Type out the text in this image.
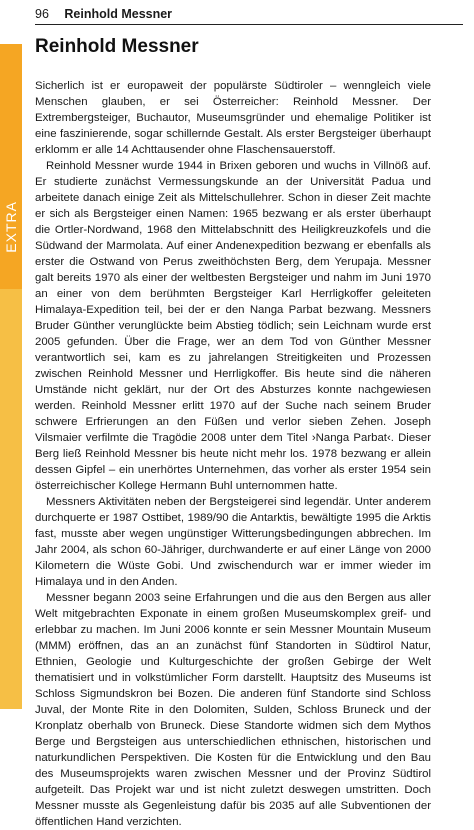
96 Reinhold Messner
EXTRA
Reinhold Messner

Sicherlich ist er europaweit der populärste Südtiroler – wenngleich viele Menschen glauben, er sei Österreicher: Reinhold Messner. Der Extrembergsteiger, Buchautor, Museumsgründer und ehemalige Politiker ist eine faszinierende, sogar schillernde Gestalt. Als erster Bergsteiger überhaupt erklomm er alle 14 Achttausender ohne Flaschensauerstoff.

Reinhold Messner wurde 1944 in Brixen geboren und wuchs in Villnöß auf. Er studierte zunächst Vermessungskunde an der Universität Padua und arbeitete danach einige Zeit als Mittelschullehrer. Schon in dieser Zeit machte er sich als Bergsteiger einen Namen: 1965 bezwang er als erster überhaupt die Ortler-Nordwand, 1968 den Mittelabschnitt des Heiligkreuzkofels und die Südwand der Marmolata. Auf einer Andenexpedition bezwang er ebenfalls als erster die Ostwand von Perus zweithöchsten Berg, dem Yerupaja. Messner galt bereits 1970 als einer der weltbesten Bergsteiger und nahm im Juni 1970 an einer von dem berühmten Bergsteiger Karl Herrligkoffer geleiteten Himalaya-Expedition teil, bei der er den Nanga Parbat bezwang. Messners Bruder Günther verunglückte beim Abstieg tödlich; sein Leichnam wurde erst 2005 gefunden. Über die Frage, wer an dem Tod von Günther Messner verantwortlich sei, kam es zu jahrelangen Streitigkeiten und Prozessen zwischen Reinhold Messner und Herrligkoffer. Bis heute sind die näheren Umstände nicht geklärt, nur der Ort des Absturzes konnte nachgewiesen werden. Reinhold Messner erlitt 1970 auf der Suche nach seinem Bruder schwere Erfrierungen an den Füßen und verlor sieben Zehen. Joseph Vilsmaier verfilmte die Tragödie 2008 unter dem Titel ›Nanga Parbat‹. Dieser Berg ließ Reinhold Messner bis heute nicht mehr los. 1978 bezwang er allein dessen Gipfel – ein unerhörtes Unternehmen, das vorher als erster 1954 sein österreichischer Kollege Hermann Buhl unternommen hatte.

Messners Aktivitäten neben der Bergsteigerei sind legendär. Unter anderem durchquerte er 1987 Osttibet, 1989/90 die Antarktis, bewältigte 1995 die Arktis fast, musste aber wegen ungünstiger Witterungsbedingungen abbrechen. Im Jahr 2004, als schon 60-Jähriger, durchwanderte er auf einer Länge von 2000 Kilometern die Wüste Gobi. Und zwischendurch war er immer wieder im Himalaya und in den Anden.

Messner begann 2003 seine Erfahrungen und die aus den Bergen aus aller Welt mitgebrachten Exponate in einem großen Museumskomplex greif- und erlebbar zu machen. Im Juni 2006 konnte er sein Messner Mountain Museum (MMM) eröffnen, das an an zunächst fünf Standorten in Südtirol Natur, Ethnien, Geologie und Kulturgeschichte der großen Gebirge der Welt thematisiert und in volkstümlicher Form darstellt. Hauptsitz des Museums ist Schloss Sigmundskron bei Bozen. Die anderen fünf Standorte sind Schloss Juval, der Monte Rite in den Dolomiten, Sulden, Schloss Bruneck und der Kronplatz oberhalb von Bruneck. Diese Standorte widmen sich dem Mythos Berge und Bergsteigen aus unterschiedlichen ethnischen, historischen und naturkundlichen Perspektiven. Die Kosten für die Entwicklung und den Bau des Museumsprojekts waren zwischen Messner und der Provinz Südtirol aufgeteilt. Das Projekt war und ist nicht zuletzt deswegen umstritten. Doch Messner musste als Gegenleistung dafür bis 2035 auf alle Subventionen der öffentlichen Hand verzichten.
